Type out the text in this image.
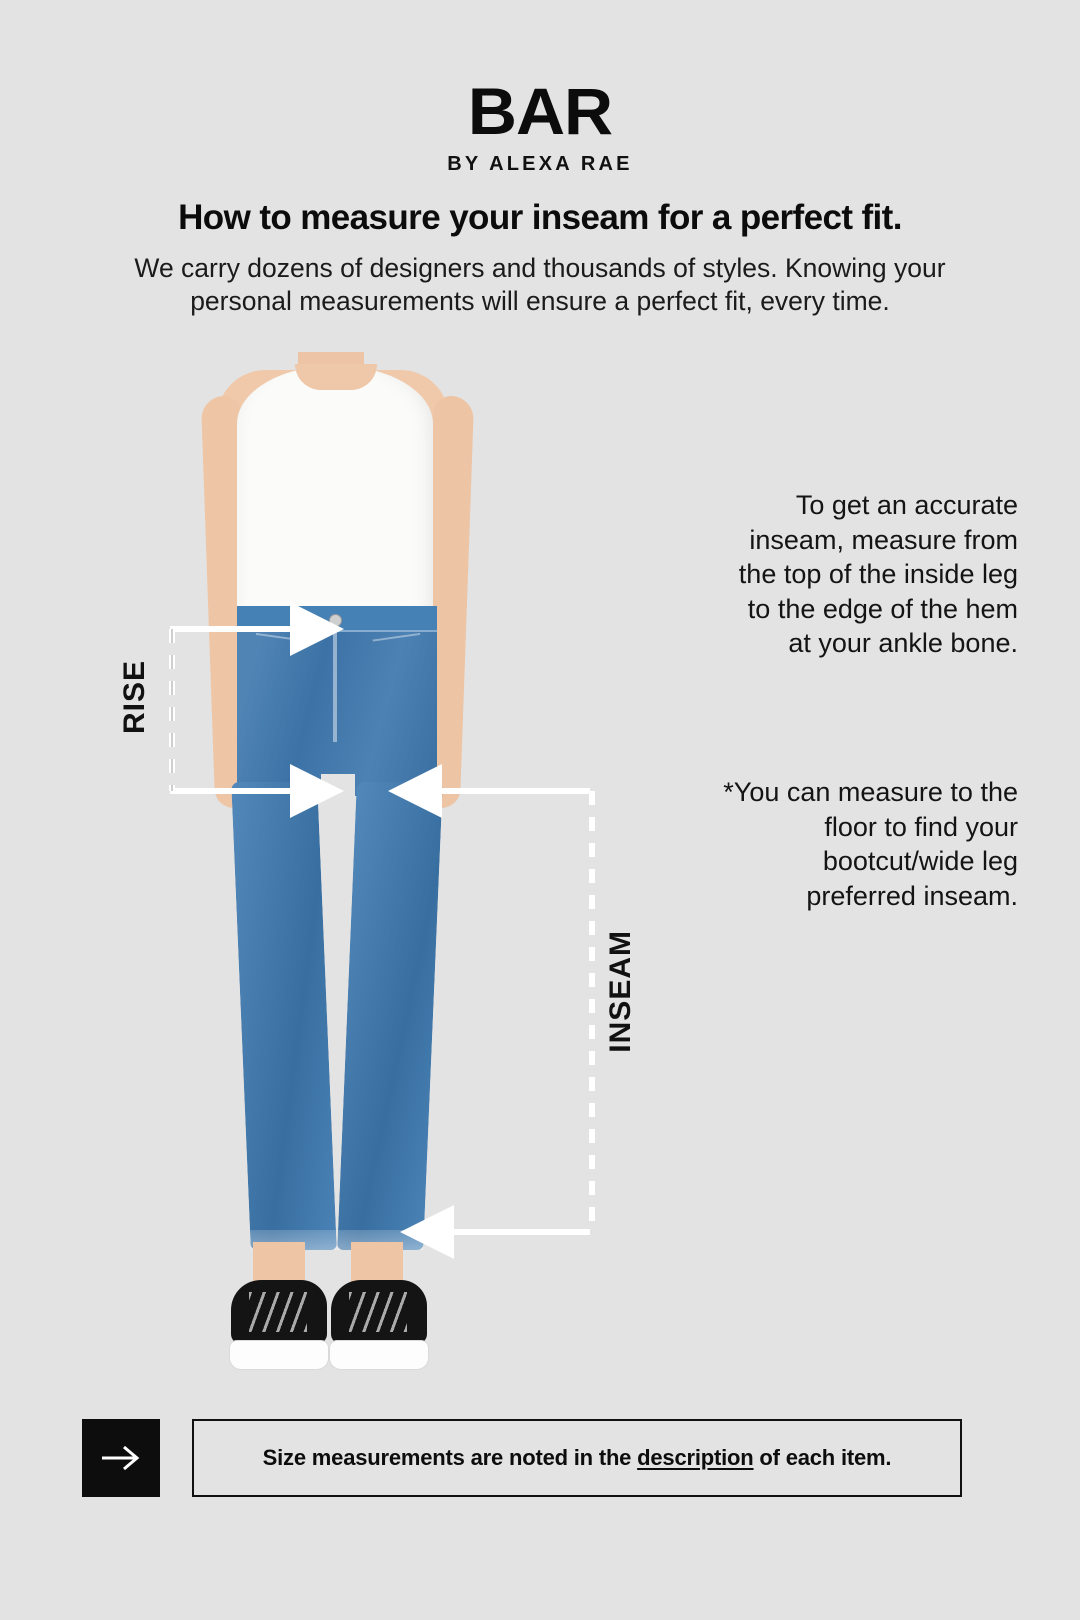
BAR
BY ALEXA RAE
How to measure your inseam for a perfect fit.
We carry dozens of designers and thousands of styles. Knowing your personal measurements will ensure a perfect fit, every time.
RISE
INSEAM
To get an accurate inseam, measure from the top of the inside leg to the edge of the hem at your ankle bone.
*You can measure to the floor to find your bootcut/wide leg preferred inseam.
Size measurements are noted in the description of each item.
